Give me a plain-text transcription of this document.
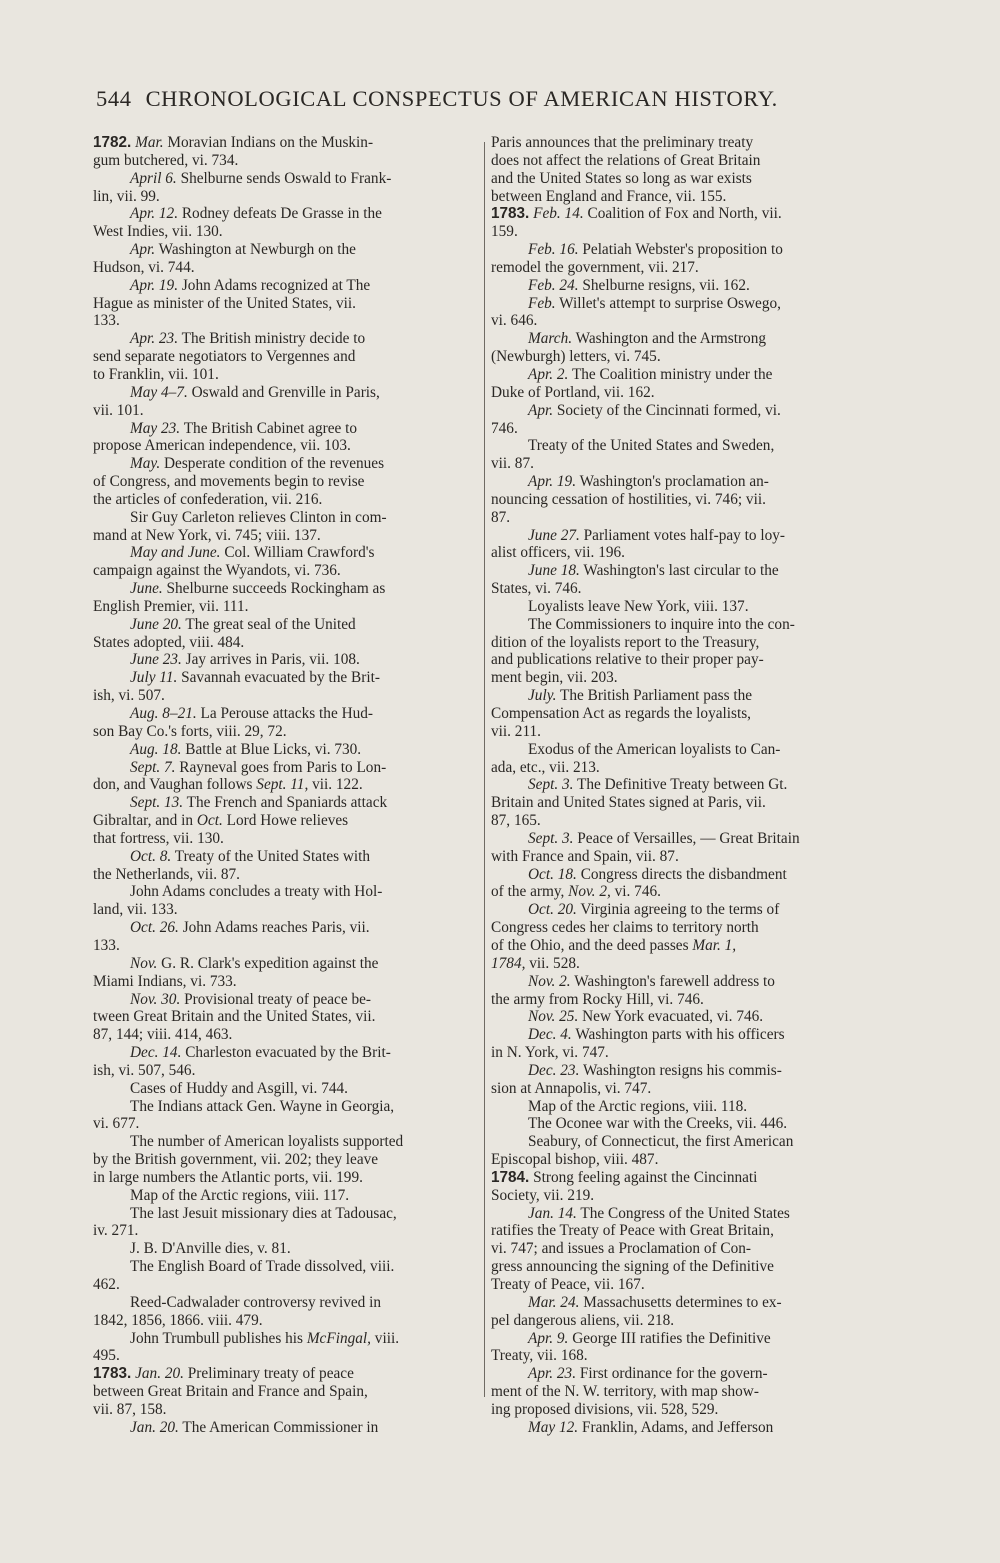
544 CHRONOLOGICAL CONSPECTUS OF AMERICAN HISTORY.
1782. Mar. Moravian Indians on the Muskin-
gum butchered, vi. 734.
April 6. Shelburne sends Oswald to Frank-
lin, vii. 99.
Apr. 12. Rodney defeats De Grasse in the
West Indies, vii. 130.
Apr. Washington at Newburgh on the
Hudson, vi. 744.
Apr. 19. John Adams recognized at The
Hague as minister of the United States, vii.
133.
Apr. 23. The British ministry decide to
send separate negotiators to Vergennes and
to Franklin, vii. 101.
May 4–7. Oswald and Grenville in Paris,
vii. 101.
May 23. The British Cabinet agree to
propose American independence, vii. 103.
May. Desperate condition of the revenues
of Congress, and movements begin to revise
the articles of confederation, vii. 216.
Sir Guy Carleton relieves Clinton in com-
mand at New York, vi. 745; viii. 137.
May and June. Col. William Crawford's
campaign against the Wyandots, vi. 736.
June. Shelburne succeeds Rockingham as
English Premier, vii. 111.
June 20. The great seal of the United
States adopted, viii. 484.
June 23. Jay arrives in Paris, vii. 108.
July 11. Savannah evacuated by the Brit-
ish, vi. 507.
Aug. 8–21. La Perouse attacks the Hud-
son Bay Co.'s forts, viii. 29, 72.
Aug. 18. Battle at Blue Licks, vi. 730.
Sept. 7. Rayneval goes from Paris to Lon-
don, and Vaughan follows Sept. 11, vii. 122.
Sept. 13. The French and Spaniards attack
Gibraltar, and in Oct. Lord Howe relieves
that fortress, vii. 130.
Oct. 8. Treaty of the United States with
the Netherlands, vii. 87.
John Adams concludes a treaty with Hol-
land, vii. 133.
Oct. 26. John Adams reaches Paris, vii.
133.
Nov. G. R. Clark's expedition against the
Miami Indians, vi. 733.
Nov. 30. Provisional treaty of peace be-
tween Great Britain and the United States, vii.
87, 144; viii. 414, 463.
Dec. 14. Charleston evacuated by the Brit-
ish, vi. 507, 546.
Cases of Huddy and Asgill, vi. 744.
The Indians attack Gen. Wayne in Georgia,
vi. 677.
The number of American loyalists supported
by the British government, vii. 202; they leave
in large numbers the Atlantic ports, vii. 199.
Map of the Arctic regions, viii. 117.
The last Jesuit missionary dies at Tadousac,
iv. 271.
J. B. D'Anville dies, v. 81.
The English Board of Trade dissolved, viii.
462.
Reed-Cadwalader controversy revived in
1842, 1856, 1866. viii. 479.
John Trumbull publishes his McFingal, viii.
495.
1783. Jan. 20. Preliminary treaty of peace
between Great Britain and France and Spain,
vii. 87, 158.
Jan. 20. The American Commissioner in
Paris announces that the preliminary treaty
does not affect the relations of Great Britain
and the United States so long as war exists
between England and France, vii. 155.
1783. Feb. 14. Coalition of Fox and North, vii.
159.
Feb. 16. Pelatiah Webster's proposition to
remodel the government, vii. 217.
Feb. 24. Shelburne resigns, vii. 162.
Feb. Willet's attempt to surprise Oswego,
vi. 646.
March. Washington and the Armstrong
(Newburgh) letters, vi. 745.
Apr. 2. The Coalition ministry under the
Duke of Portland, vii. 162.
Apr. Society of the Cincinnati formed, vi.
746.
Treaty of the United States and Sweden,
vii. 87.
Apr. 19. Washington's proclamation an-
nouncing cessation of hostilities, vi. 746; vii.
87.
June 27. Parliament votes half-pay to loy-
alist officers, vii. 196.
June 18. Washington's last circular to the
States, vi. 746.
Loyalists leave New York, viii. 137.
The Commissioners to inquire into the con-
dition of the loyalists report to the Treasury,
and publications relative to their proper pay-
ment begin, vii. 203.
July. The British Parliament pass the
Compensation Act as regards the loyalists,
vii. 211.
Exodus of the American loyalists to Can-
ada, etc., vii. 213.
Sept. 3. The Definitive Treaty between Gt.
Britain and United States signed at Paris, vii.
87, 165.
Sept. 3. Peace of Versailles, — Great Britain
with France and Spain, vii. 87.
Oct. 18. Congress directs the disbandment
of the army, Nov. 2, vi. 746.
Oct. 20. Virginia agreeing to the terms of
Congress cedes her claims to territory north
of the Ohio, and the deed passes Mar. 1,
1784, vii. 528.
Nov. 2. Washington's farewell address to
the army from Rocky Hill, vi. 746.
Nov. 25. New York evacuated, vi. 746.
Dec. 4. Washington parts with his officers
in N. York, vi. 747.
Dec. 23. Washington resigns his commis-
sion at Annapolis, vi. 747.
Map of the Arctic regions, viii. 118.
The Oconee war with the Creeks, vii. 446.
Seabury, of Connecticut, the first American
Episcopal bishop, viii. 487.
1784. Strong feeling against the Cincinnati
Society, vii. 219.
Jan. 14. The Congress of the United States
ratifies the Treaty of Peace with Great Britain,
vi. 747; and issues a Proclamation of Con-
gress announcing the signing of the Definitive
Treaty of Peace, vii. 167.
Mar. 24. Massachusetts determines to ex-
pel dangerous aliens, vii. 218.
Apr. 9. George III ratifies the Definitive
Treaty, vii. 168.
Apr. 23. First ordinance for the govern-
ment of the N. W. territory, with map show-
ing proposed divisions, vii. 528, 529.
May 12. Franklin, Adams, and Jefferson
